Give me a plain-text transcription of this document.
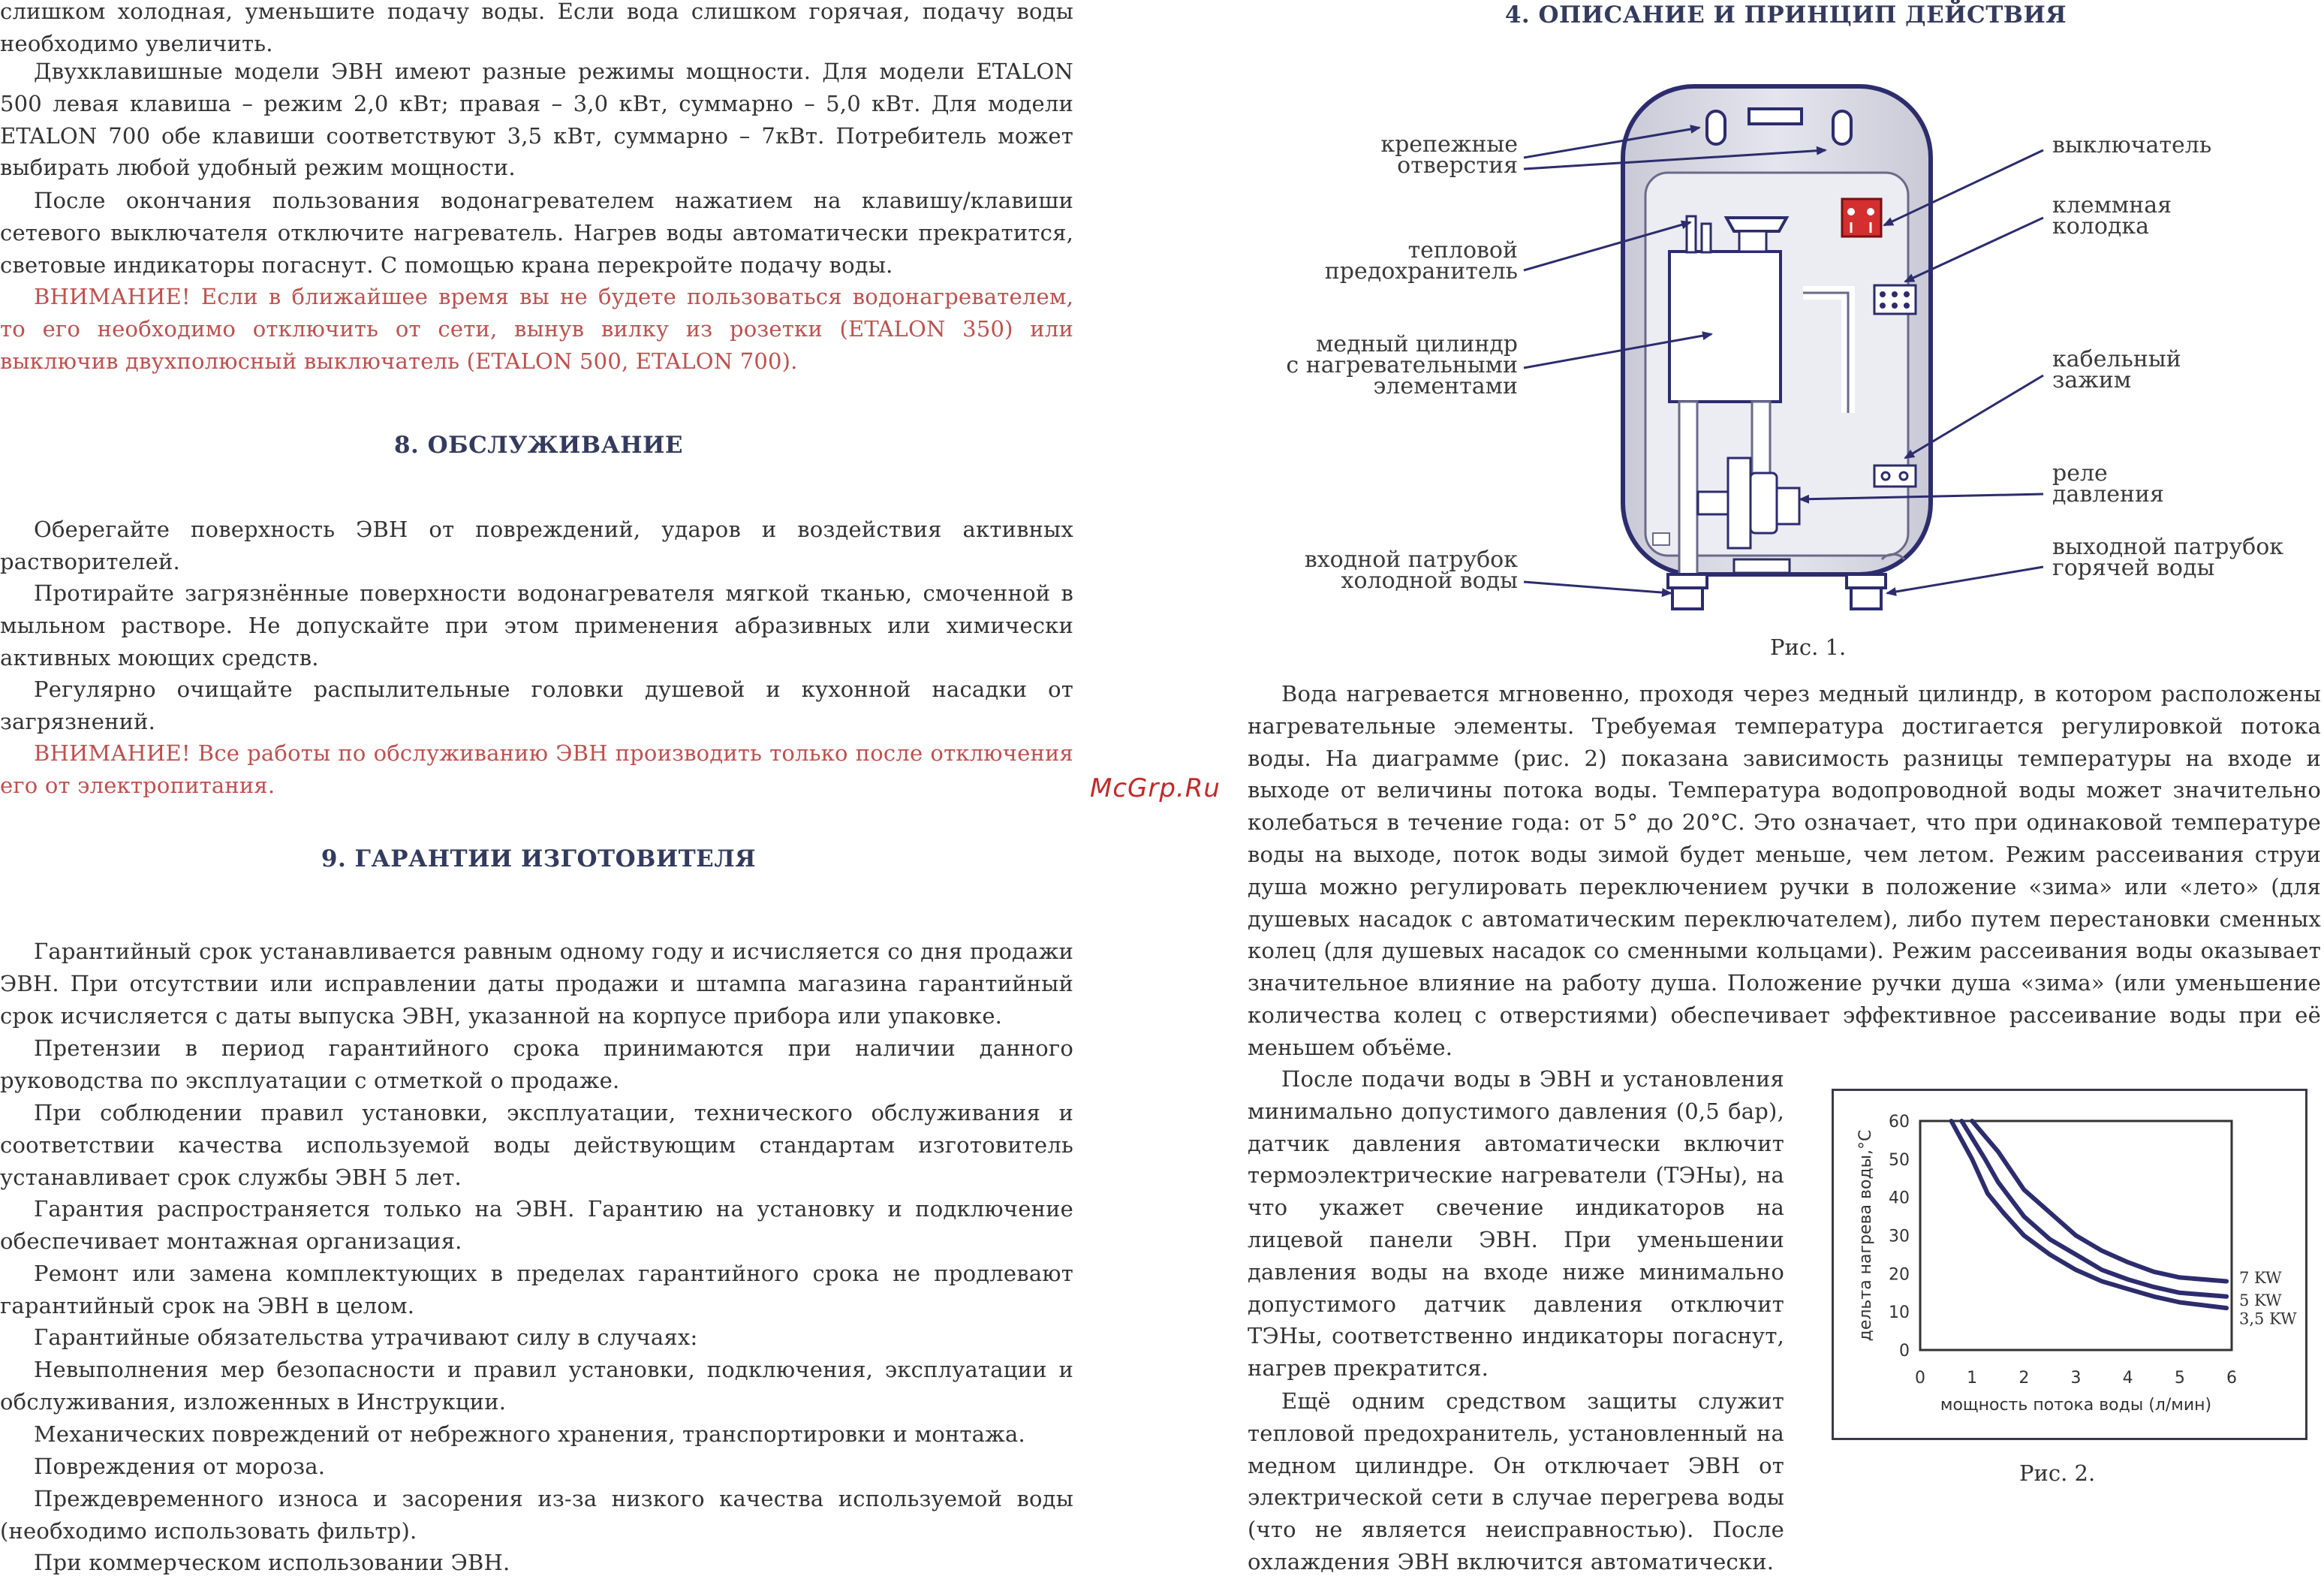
слишком холодная, уменьшите подачу воды. Если вода слишком горячая, подачу воды необходимо увеличить.

Двухклавишные модели ЭВН имеют разные режимы мощности. Для модели ETALON 500 левая клавиша – режим 2,0 кВт; правая – 3,0 кВт, суммарно – 5,0 кВт. Для модели ETALON 700 обе клавиши соответствуют 3,5 кВт, суммарно – 7кВт. Потребитель может выбирать любой удобный режим мощности.

После окончания пользования водонагревателем нажатием на клавишу/клавиши сетевого выключателя отключите нагреватель. Нагрев воды автоматически прекратится, световые индикаторы погаснут. С помощью крана перекройте подачу воды.

ВНИМАНИЕ! Если в ближайшее время вы не будете пользоваться водонагревателем, то его необходимо отключить от сети, вынув вилку из розетки (ETALON 350) или выключив двухполюсный выключатель (ETALON 500, ETALON 700).

8. ОБСЛУЖИВАНИЕ

Оберегайте поверхность ЭВН от повреждений, ударов и воздействия активных растворителей.

Протирайте загрязнённые поверхности водонагревателя мягкой тканью, смоченной в мыльном растворе. Не допускайте при этом применения абразивных или химически активных моющих средств.

Регулярно очищайте распылительные головки душевой и кухонной насадки от загрязнений.

ВНИМАНИЕ! Все работы по обслуживанию ЭВН производить только после отключения его от электропитания.

9. ГАРАНТИИ ИЗГОТОВИТЕЛЯ

Гарантийный срок устанавливается равным одному году и исчисляется со дня продажи ЭВН. При отсутствии или исправлении даты продажи и штампа магазина гарантийный срок исчисляется с даты выпуска ЭВН, указанной на корпусе прибора или упаковке.

Претензии в период гарантийного срока принимаются при наличии данного руководства по эксплуатации с отметкой о продаже.

При соблюдении правил установки, эксплуатации, технического обслуживания и соответствии качества используемой воды действующим стандартам изготовитель устанавливает срок службы ЭВН 5 лет.

Гарантия распространяется только на ЭВН. Гарантию на установку и подключение обеспечивает монтажная организация.

Ремонт или замена комплектующих в пределах гарантийного срока не продлевают гарантийный срок на ЭВН в целом.

Гарантийные обязательства утрачивают силу в случаях:

Невыполнения мер безопасности и правил установки, подключения, эксплуатации и обслуживания, изложенных в Инструкции.

Механических повреждений от небрежного хранения, транспортировки и монтажа.

Повреждения от мороза.

Преждевременного износа и засорения из-за низкого качества используемой воды (необходимо использовать фильтр).

При коммерческом использовании ЭВН.

McGrp.Ru
4. ОПИСАНИЕ И ПРИНЦИП ДЕЙСТВИЯ
крепежные
отверстия
тепловой
предохранитель
медный цилиндр
с нагревательными
элементами
входной патрубок
холодной воды
выключатель
клеммная
колодка
кабельный
зажим
реле
давления
выходной патрубок
горячей воды
Рис. 1.

Вода нагревается мгновенно, проходя через медный цилиндр, в котором расположены нагревательные элементы. Требуемая температура достигается регулировкой потока воды. На диаграмме (рис. 2) показана зависимость разницы температуры на входе и выходе от величины потока воды. Температура водопроводной воды может значительно колебаться в течение года: от 5° до 20°С. Это означает, что при одинаковой температуре воды на выходе, поток воды зимой будет меньше, чем летом. Режим рассеивания струи душа можно регулировать переключением ручки в положение «зима» или «лето» (для душевых насадок с автоматическим переключателем), либо путем перестановки сменных колец (для душевых насадок со сменными кольцами). Режим рассеивания воды оказывает значительное влияние на работу душа. Положение ручки душа «зима» (или уменьшение количества колец с отверстиями) обеспечивает эффективное рассеивание воды при её меньшем объёме.

После подачи воды в ЭВН и установления минимально допустимого давления (0,5 бар), датчик давления автоматически включит термоэлектрические нагреватели (ТЭНы), на что укажет свечение индикаторов на лицевой панели ЭВН. При уменьшении давления воды на входе ниже минимально допустимого датчик давления отключит ТЭНы, соответственно индикаторы погаснут, нагрев прекратится.

Ещё одним средством защиты служит тепловой предохранитель, установленный на медном цилиндре. Он отключает ЭВН от электрической сети в случае перегрева воды (что не является неисправностью). После охлаждения ЭВН включится автоматически.

0
10
20
30
40
50
60
0	1	2	3	4	5	6
мощность потока воды (л/мин)
дельта нагрева воды,°С	7 KW
5 KW
3,5 KW
Рис. 2.
